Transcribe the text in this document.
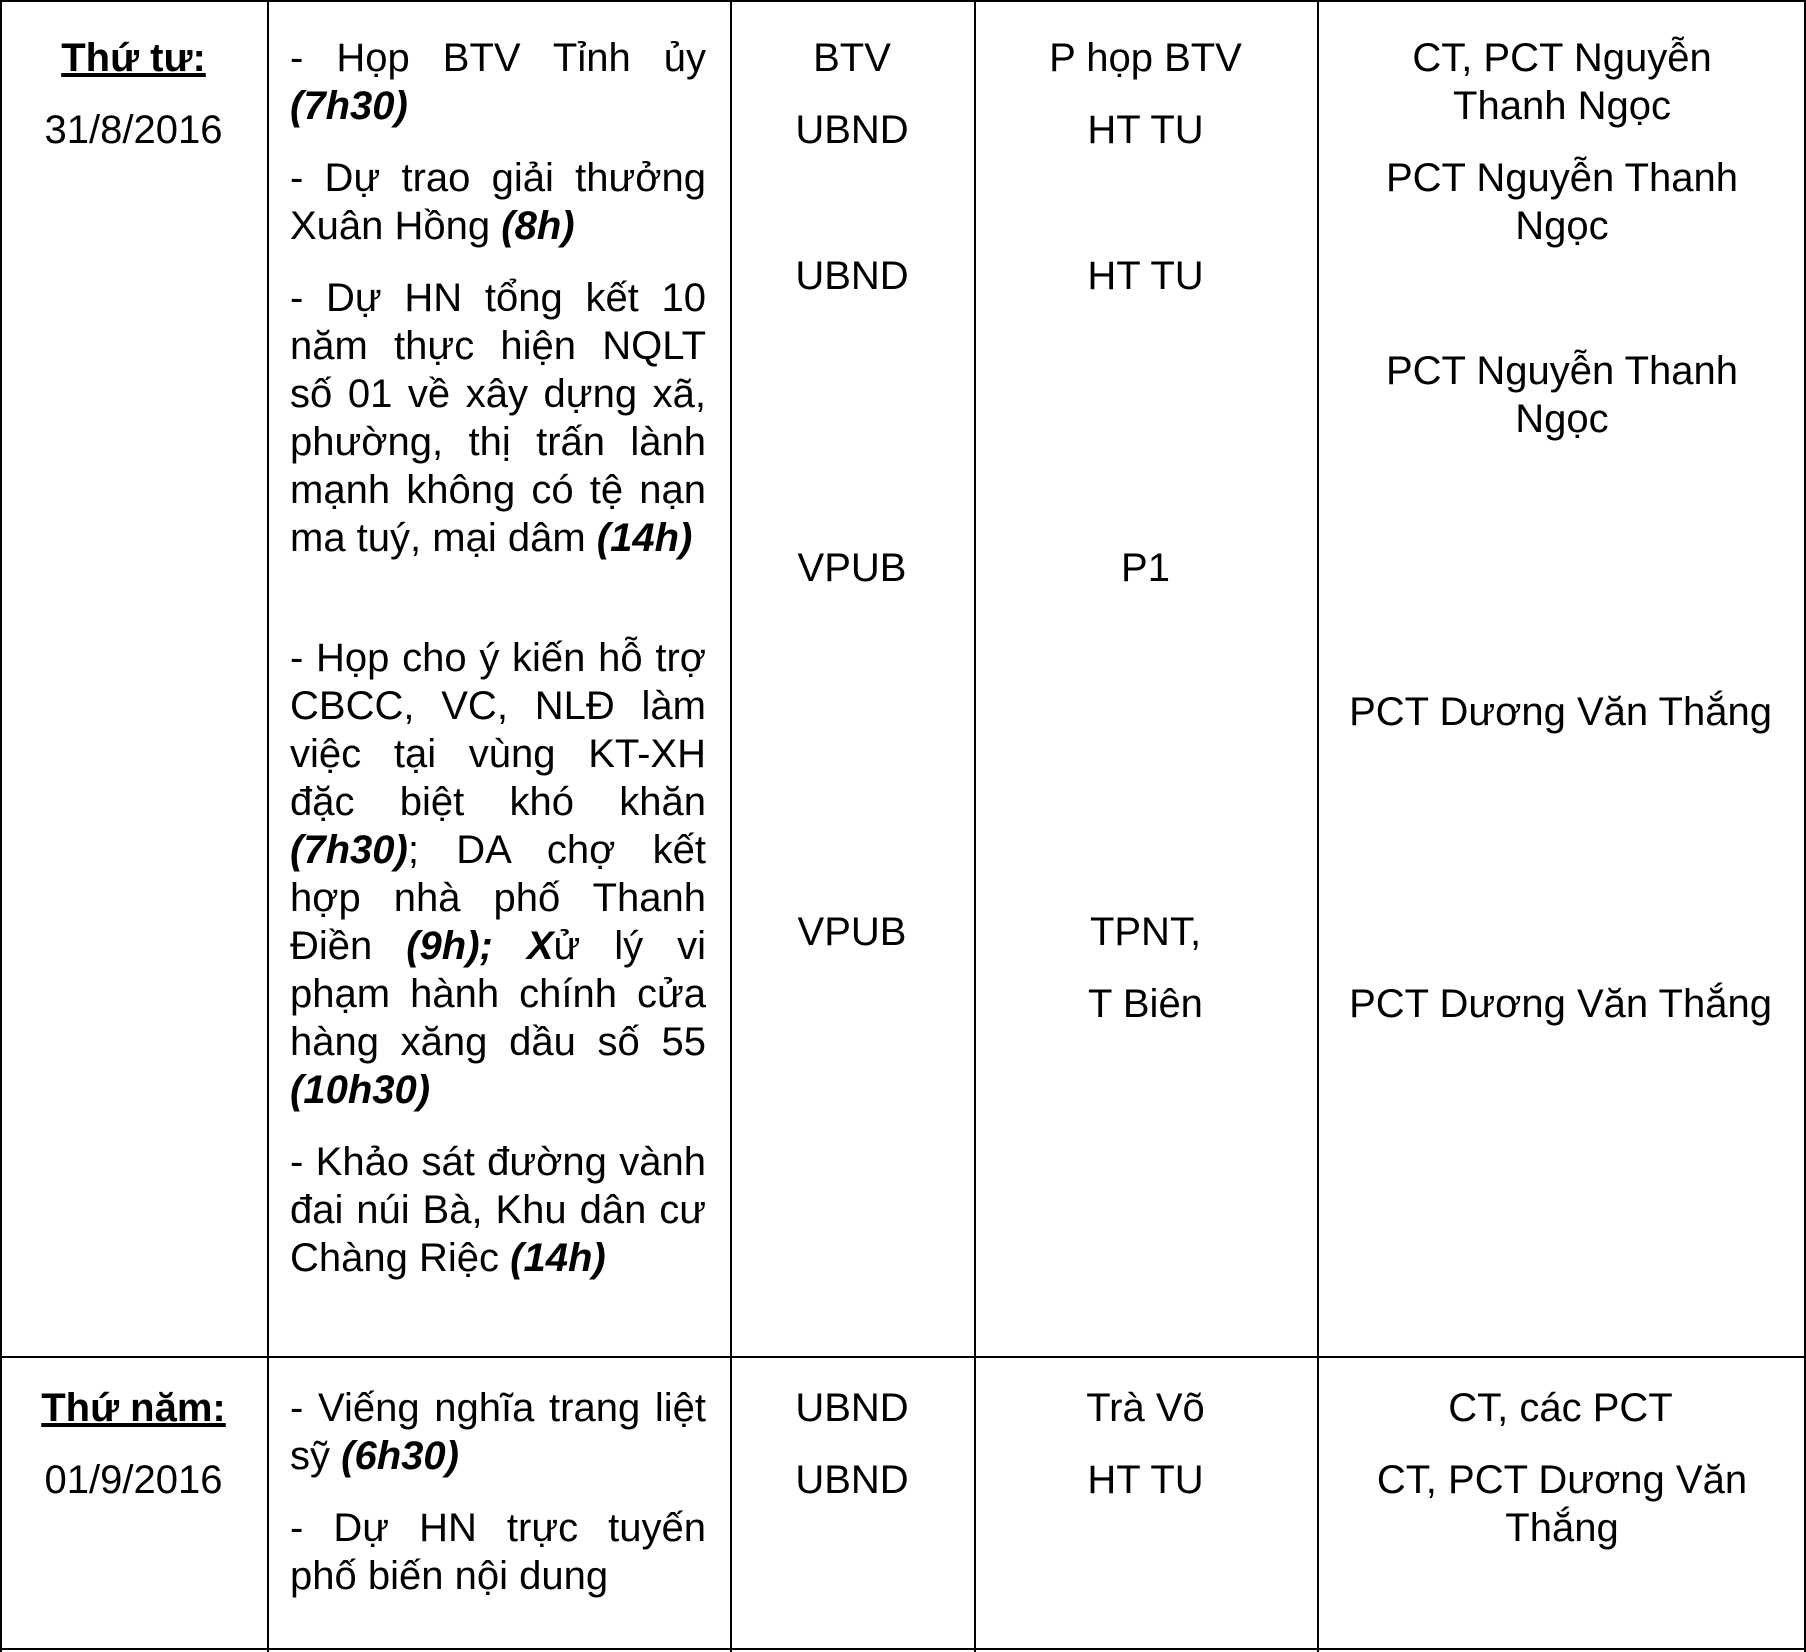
Thứ tư:
31/8/2016

- Họp BTV Tỉnh ủy (7h30)

- Dự trao giải thưởng Xuân Hồng (8h)

- Dự HN tổng kết 10 năm thực hiện NQLT số 01 về xây dựng xã, phường, thị trấn lành mạnh không có tệ nạn ma tuý, mại dâm (14h)

- Họp cho ý kiến hỗ trợ CBCC, VC, NLĐ làm việc tại vùng KT-XH đặc biệt khó khăn (7h30); DA chợ kết hợp nhà phố Thanh Điền (9h); Xử lý vi phạm hành chính cửa hàng xăng dầu số 55 (10h30)

- Khảo sát đường vành đai núi Bà, Khu dân cư Chàng Riệc (14h)

BTV
UBND
UBND
VPUB
VPUB
P họp BTV
HT TU
HT TU
P1
TPNT,
T Biên
CT, PCT Nguyễn Thanh Ngọc
PCT Nguyễn Thanh Ngọc
PCT Nguyễn Thanh Ngọc
PCT Dương Văn Thắng
PCT Dương Văn Thắng
Thứ năm:
01/9/2016

- Viếng nghĩa trang liệt sỹ (6h30)

- Dự HN trực tuyến phố biến nội dung

UBND
UBND
Trà Võ
HT TU
CT, các PCT
CT, PCT Dương Văn Thắng
